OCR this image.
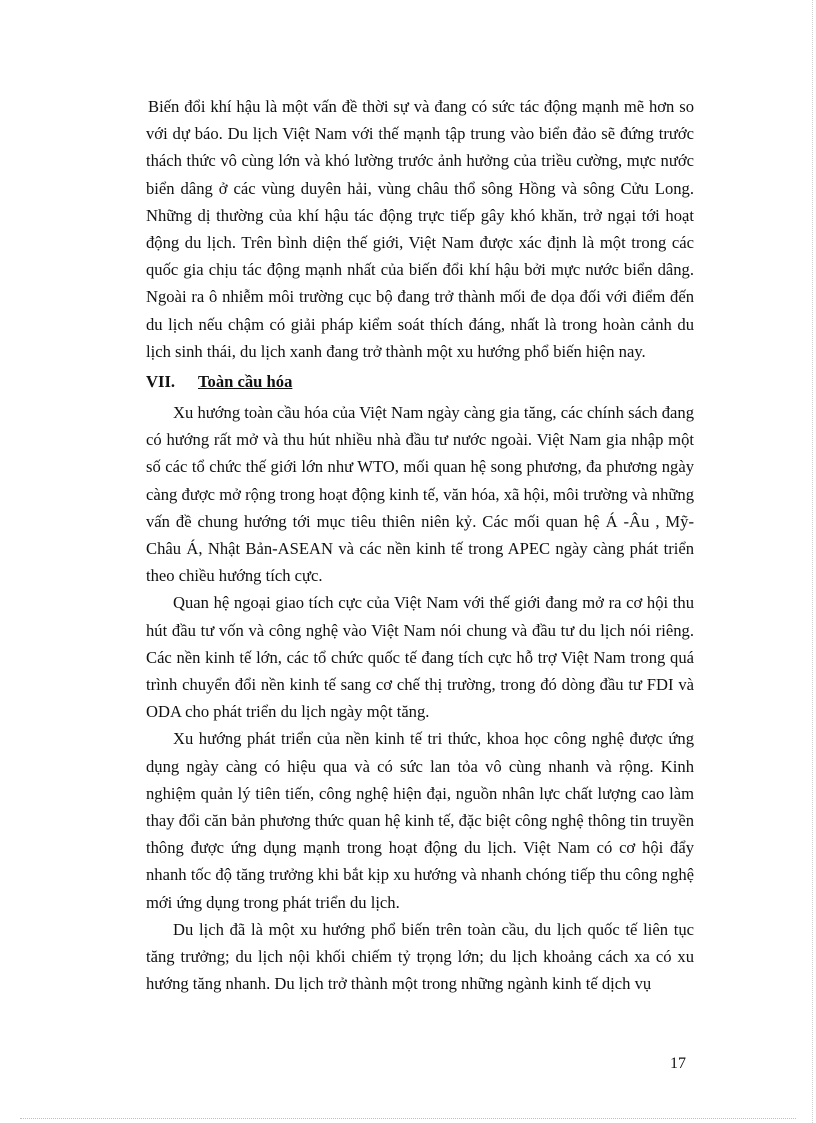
Biến đổi khí hậu là một vấn đề thời sự và đang có sức tác động mạnh mẽ hơn so với dự báo. Du lịch Việt Nam với thế mạnh tập trung vào biển đảo sẽ đứng trước thách thức vô cùng lớn và khó lường trước ảnh hưởng của triều cường, mực nước biển dâng ở các vùng duyên hải, vùng châu thổ sông Hồng và sông Cửu Long. Những dị thường của khí hậu tác động trực tiếp gây khó khăn, trở ngại tới hoạt động du lịch. Trên bình diện thế giới, Việt Nam được xác định là một trong các quốc gia chịu tác động mạnh nhất của biến đổi khí hậu bởi mực nước biển dâng. Ngoài ra ô nhiễm môi trường cục bộ đang trở thành mối đe dọa đối với điểm đến du lịch nếu chậm có giải pháp kiểm soát thích đáng, nhất là trong hoàn cảnh du lịch sinh thái, du lịch xanh đang trở thành một xu hướng phổ biến hiện nay.

VII.	Toàn cầu hóa

Xu hướng toàn cầu hóa của Việt Nam ngày càng gia tăng, các chính sách đang có hướng rất mở và thu hút nhiều nhà đầu tư nước ngoài. Việt Nam gia nhập một số các tổ chức thế giới lớn như WTO, mối quan hệ song phương, đa phương ngày càng được mở rộng trong hoạt động kinh tế, văn hóa, xã hội, môi trường và những vấn đề chung hướng tới mục tiêu thiên niên kỷ. Các mối quan hệ Á -Âu , Mỹ- Châu Á, Nhật Bản-ASEAN và các nền kinh tế trong APEC ngày càng phát triển theo chiều hướng tích cực.

Quan hệ ngoại giao tích cực của Việt Nam với thế giới đang mở ra cơ hội thu hút đầu tư vốn và công nghệ vào Việt Nam nói chung và đầu tư du lịch nói riêng. Các nền kinh tế lớn, các tổ chức quốc tế đang tích cực hỗ trợ Việt Nam trong quá trình chuyển đổi nền kinh tế sang cơ chế thị trường, trong đó dòng đầu tư FDI và ODA cho phát triển du lịch ngày một tăng.

Xu hướng phát triển của nền kinh tế tri thức, khoa học công nghệ được ứng dụng ngày càng có hiệu qua và có sức lan tỏa vô cùng nhanh và rộng. Kinh nghiệm quản lý tiên tiến, công nghệ hiện đại, nguồn nhân lực chất lượng cao làm thay đổi căn bản phương thức quan hệ kinh tế, đặc biệt công nghệ thông tin truyền thông được ứng dụng mạnh trong hoạt động du lịch. Việt Nam có cơ hội đẩy nhanh tốc độ tăng trưởng khi bắt kịp xu hướng và nhanh chóng tiếp thu công nghệ mới ứng dụng trong phát triển du lịch.

Du lịch đã là một xu hướng phổ biến trên toàn cầu, du lịch quốc tế liên tục tăng trưởng; du lịch nội khối chiếm tỷ trọng lớn; du lịch khoảng cách xa có xu hướng tăng nhanh. Du lịch trở thành một trong những ngành kinh tế dịch vụ

17
